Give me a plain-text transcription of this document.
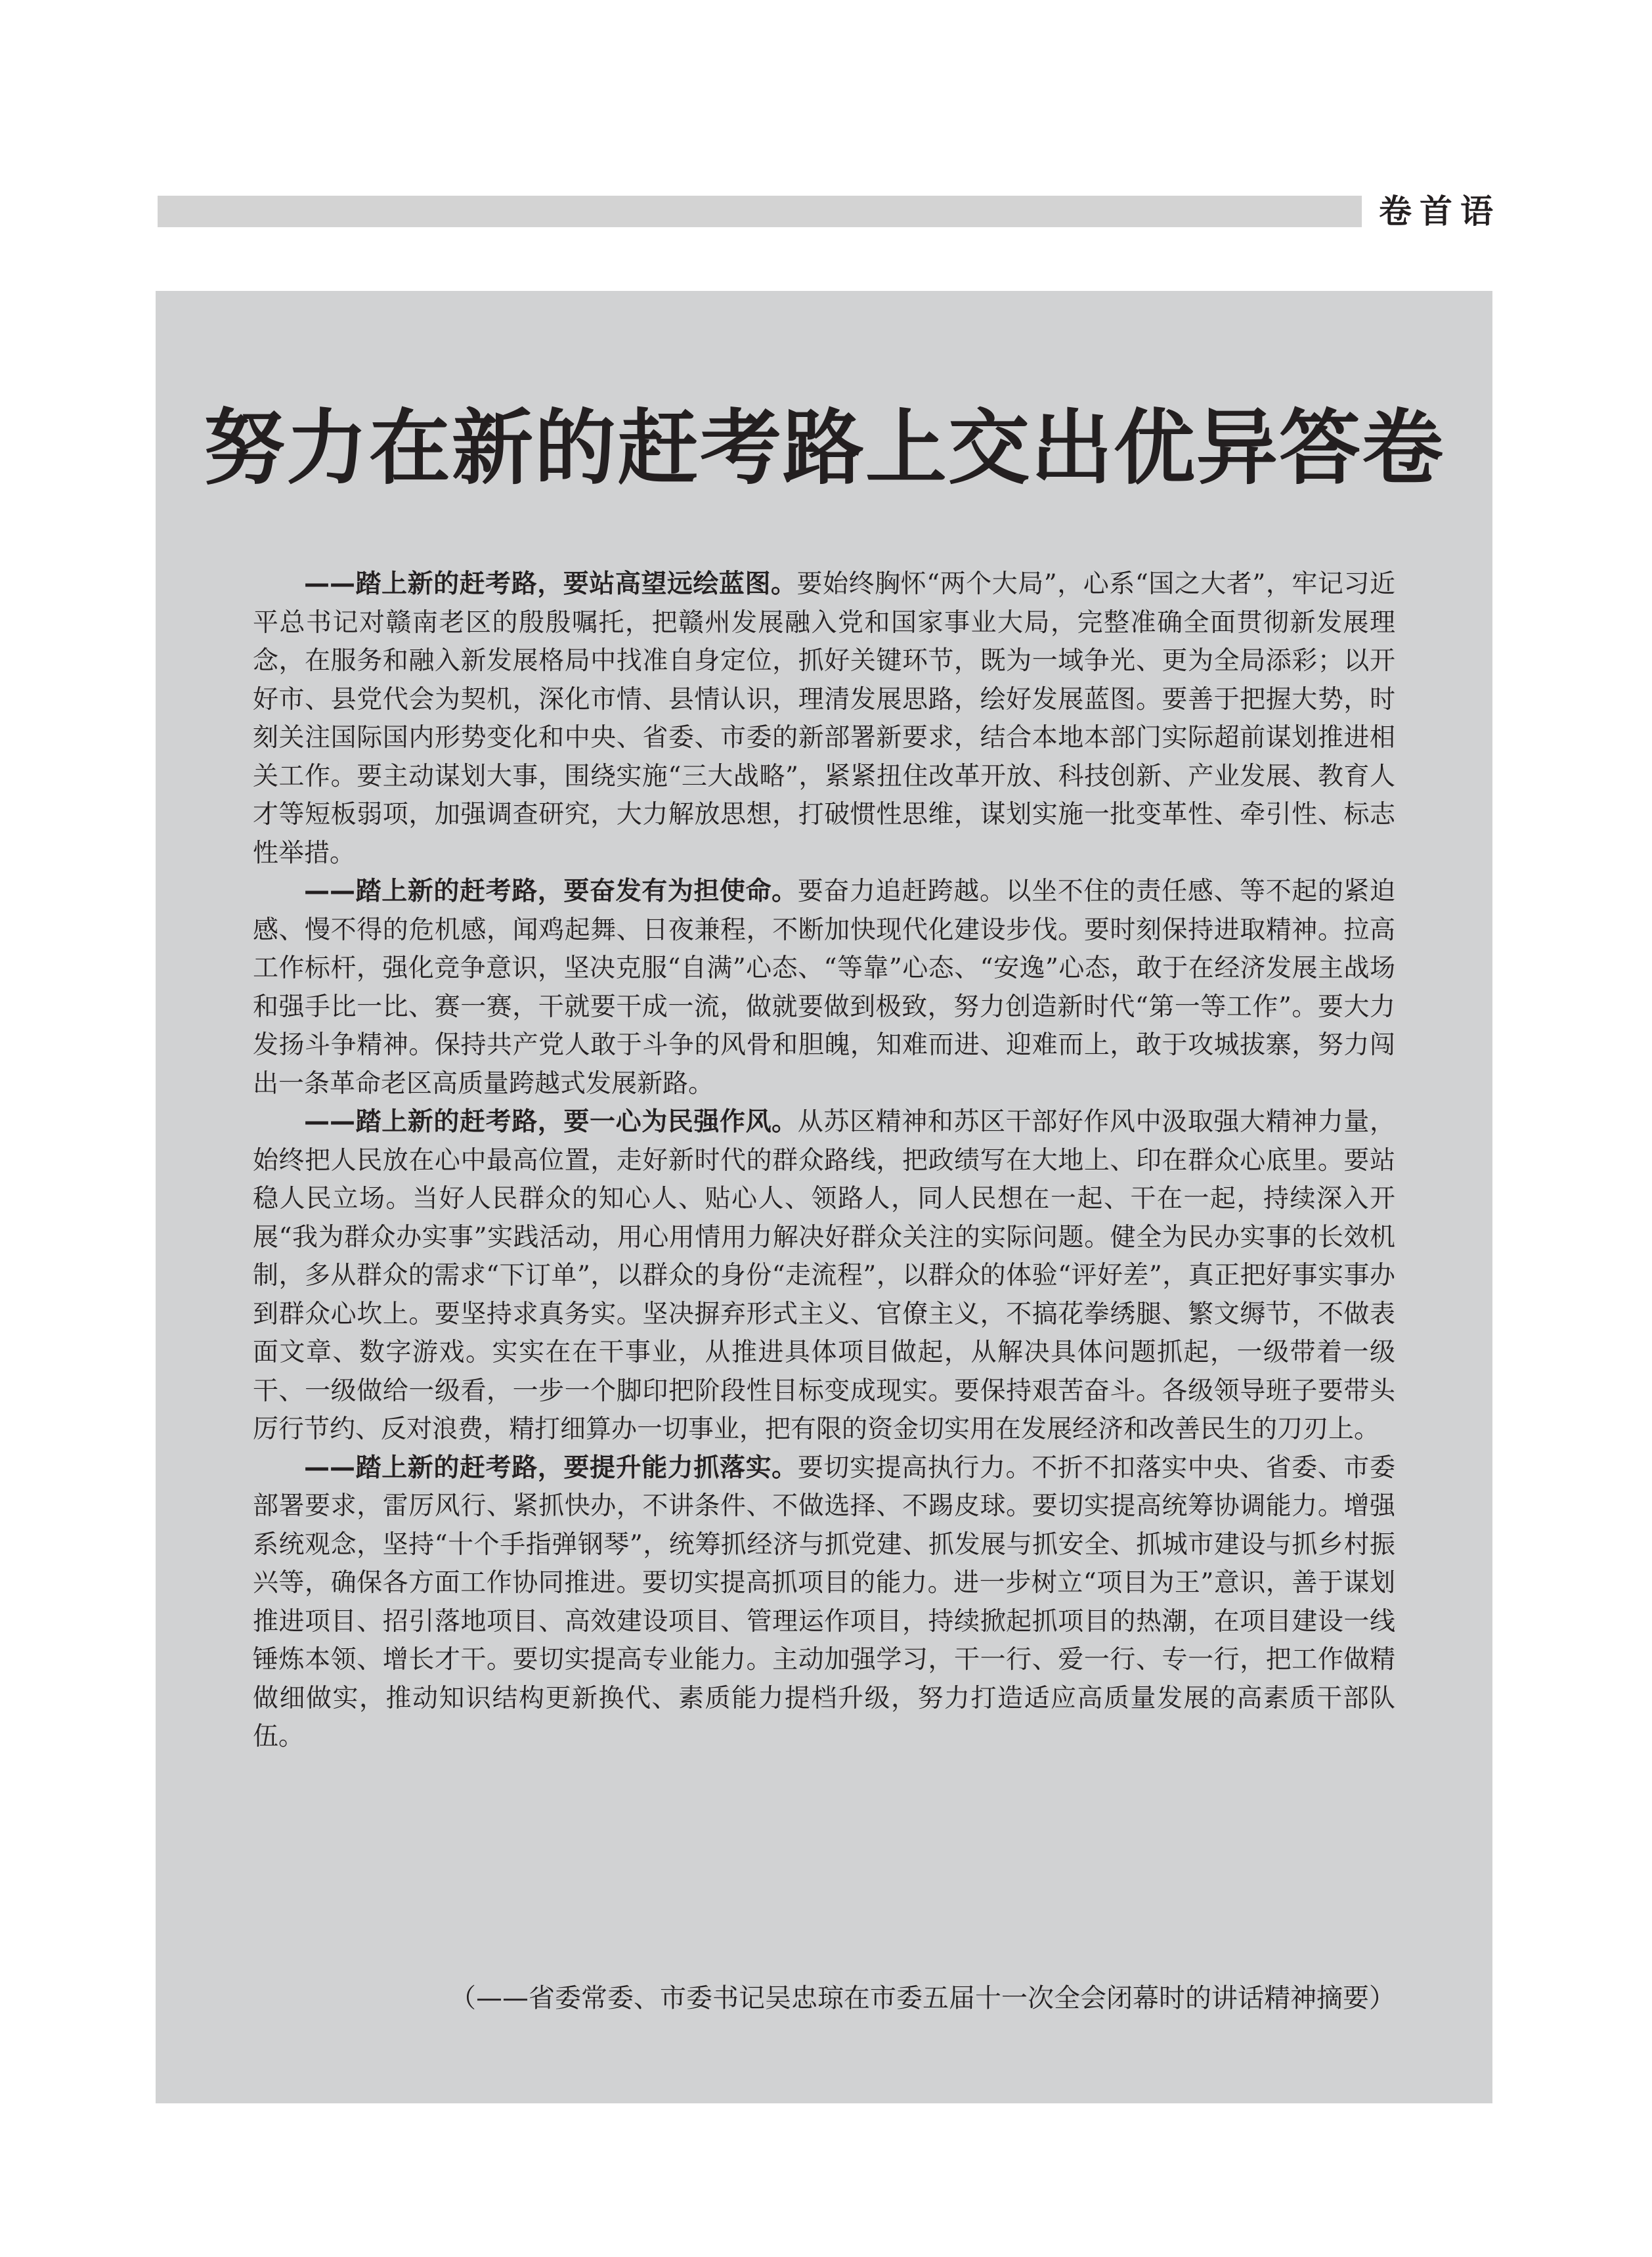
卷首语
努力在新的赶考路上交出优异答卷

——踏上新的赶考路，要站高望远绘蓝图。要始终胸怀“两个大局”，心系“国之大者”，牢记习近平总书记对赣南老区的殷殷嘱托，把赣州发展融入党和国家事业大局，完整准确全面贯彻新发展理念，在服务和融入新发展格局中找准自身定位，抓好关键环节，既为一域争光、更为全局添彩；以开好市、县党代会为契机，深化市情、县情认识，理清发展思路，绘好发展蓝图。要善于把握大势，时刻关注国际国内形势变化和中央、省委、市委的新部署新要求，结合本地本部门实际超前谋划推进相关工作。要主动谋划大事，围绕实施“三大战略”，紧紧扭住改革开放、科技创新、产业发展、教育人才等短板弱项，加强调查研究，大力解放思想，打破惯性思维，谋划实施一批变革性、牵引性、标志性举措。

——踏上新的赶考路，要奋发有为担使命。要奋力追赶跨越。以坐不住的责任感、等不起的紧迫感、慢不得的危机感，闻鸡起舞、日夜兼程，不断加快现代化建设步伐。要时刻保持进取精神。拉高工作标杆，强化竞争意识，坚决克服“自满”心态、“等靠”心态、“安逸”心态，敢于在经济发展主战场和强手比一比、赛一赛，干就要干成一流，做就要做到极致，努力创造新时代“第一等工作”。要大力发扬斗争精神。保持共产党人敢于斗争的风骨和胆魄，知难而进、迎难而上，敢于攻城拔寨，努力闯出一条革命老区高质量跨越式发展新路。

——踏上新的赶考路，要一心为民强作风。从苏区精神和苏区干部好作风中汲取强大精神力量，始终把人民放在心中最高位置，走好新时代的群众路线，把政绩写在大地上、印在群众心底里。要站稳人民立场。当好人民群众的知心人、贴心人、领路人，同人民想在一起、干在一起，持续深入开展“我为群众办实事”实践活动，用心用情用力解决好群众关注的实际问题。健全为民办实事的长效机制，多从群众的需求“下订单”，以群众的身份“走流程”，以群众的体验“评好差”，真正把好事实事办到群众心坎上。要坚持求真务实。坚决摒弃形式主义、官僚主义，不搞花拳绣腿、繁文缛节，不做表面文章、数字游戏。实实在在干事业，从推进具体项目做起，从解决具体问题抓起，一级带着一级干、一级做给一级看，一步一个脚印把阶段性目标变成现实。要保持艰苦奋斗。各级领导班子要带头厉行节约、反对浪费，精打细算办一切事业，把有限的资金切实用在发展经济和改善民生的刀刃上。

——踏上新的赶考路，要提升能力抓落实。要切实提高执行力。不折不扣落实中央、省委、市委部署要求，雷厉风行、紧抓快办，不讲条件、不做选择、不踢皮球。要切实提高统筹协调能力。增强系统观念，坚持“十个手指弹钢琴”，统筹抓经济与抓党建、抓发展与抓安全、抓城市建设与抓乡村振兴等，确保各方面工作协同推进。要切实提高抓项目的能力。进一步树立“项目为王”意识，善于谋划推进项目、招引落地项目、高效建设项目、管理运作项目，持续掀起抓项目的热潮，在项目建设一线锤炼本领、增长才干。要切实提高专业能力。主动加强学习，干一行、爱一行、专一行，把工作做精做细做实，推动知识结构更新换代、素质能力提档升级，努力打造适应高质量发展的高素质干部队伍。

（——省委常委、市委书记吴忠琼在市委五届十一次全会闭幕时的讲话精神摘要）
